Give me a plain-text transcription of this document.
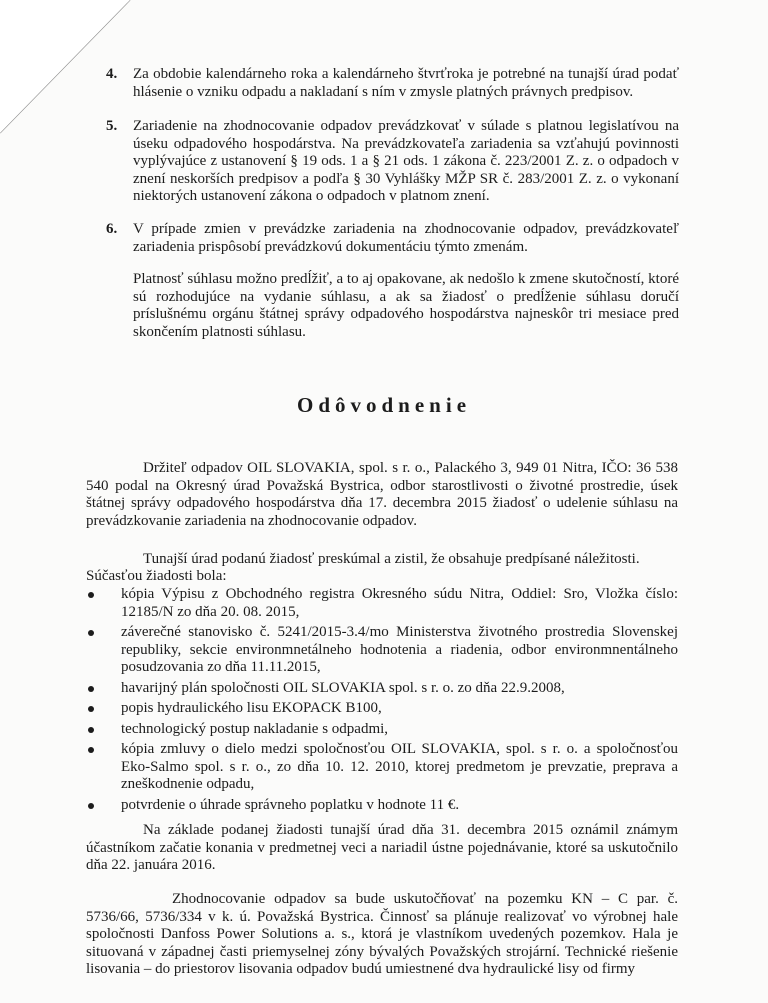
4. Za obdobie kalendárneho roka a kalendárneho štvrťroka je potrebné na tunajší úrad podať hlásenie o vzniku odpadu a nakladaní s ním v zmysle platných právnych predpisov.

5. Zariadenie na zhodnocovanie odpadov prevádzkovať v súlade s platnou legislatívou na úseku odpadového hospodárstva. Na prevádzkovateľa zariadenia sa vzťahujú povinnosti vyplývajúce z ustanovení § 19 ods. 1 a § 21 ods. 1 zákona č. 223/2001 Z. z. o odpadoch v znení neskorších predpisov a podľa § 30 Vyhlášky MŽP SR č. 283/2001 Z. z. o vykonaní niektorých ustanovení zákona o odpadoch v platnom znení.

6. V prípade zmien v prevádzke zariadenia na zhodnocovanie odpadov, prevádzkovateľ zariadenia prispôsobí prevádzkovú dokumentáciu týmto zmenám.

Platnosť súhlasu možno predĺžiť, a to aj opakovane, ak nedošlo k zmene skutočností, ktoré sú rozhodujúce na vydanie súhlasu, a ak sa žiadosť o predĺženie súhlasu doručí príslušnému orgánu štátnej správy odpadového hospodárstva najneskôr tri mesiace pred skončením platnosti súhlasu.

Odôvodnenie

Držiteľ odpadov OIL SLOVAKIA, spol. s r. o., Palackého 3, 949 01 Nitra, IČO: 36 538 540 podal na Okresný úrad Považská Bystrica, odbor starostlivosti o životné prostredie, úsek štátnej správy odpadového hospodárstva dňa 17. decembra 2015 žiadosť o udelenie súhlasu na prevádzkovanie zariadenia na zhodnocovanie odpadov.

Tunajší úrad podanú žiadosť preskúmal a zistil, že obsahuje predpísané náležitosti.

Súčasťou žiadosti bola:

kópia Výpisu z Obchodného registra Okresného súdu Nitra, Oddiel: Sro, Vložka číslo: 12185/N zo dňa 20. 08. 2015,
záverečné stanovisko č. 5241/2015-3.4/mo Ministerstva životného prostredia Slovenskej republiky, sekcie environmnetálneho hodnotenia a riadenia, odbor environmnentálneho posudzovania zo dňa 11.11.2015,
havarijný plán spoločnosti OIL SLOVAKIA spol. s r. o. zo dňa 22.9.2008,
popis hydraulického lisu EKOPACK B100,
technologický postup nakladanie s odpadmi,
kópia zmluvy o dielo medzi spoločnosťou OIL SLOVAKIA, spol. s r. o. a spoločnosťou Eko-Salmo spol. s r. o., zo dňa 10. 12. 2010, ktorej predmetom je prevzatie, preprava a zneškodnenie odpadu,
potvrdenie o úhrade správneho poplatku v hodnote 11 €.

Na základe podanej žiadosti tunajší úrad dňa 31. decembra 2015 oznámil známym účastníkom začatie konania v predmetnej veci a nariadil ústne pojednávanie, ktoré sa uskutočnilo dňa 22. januára 2016.

Zhodnocovanie odpadov sa bude uskutočňovať na pozemku KN – C par. č. 5736/66, 5736/334 v k. ú. Považská Bystrica. Činnosť sa plánuje realizovať vo výrobnej hale spoločnosti Danfoss Power Solutions a. s., ktorá je vlastníkom uvedených pozemkov. Hala je situovaná v západnej časti priemyselnej zóny bývalých Považských strojární. Technické riešenie lisovania – do priestorov lisovania odpadov budú umiestnené dva hydraulické lisy od firmy
